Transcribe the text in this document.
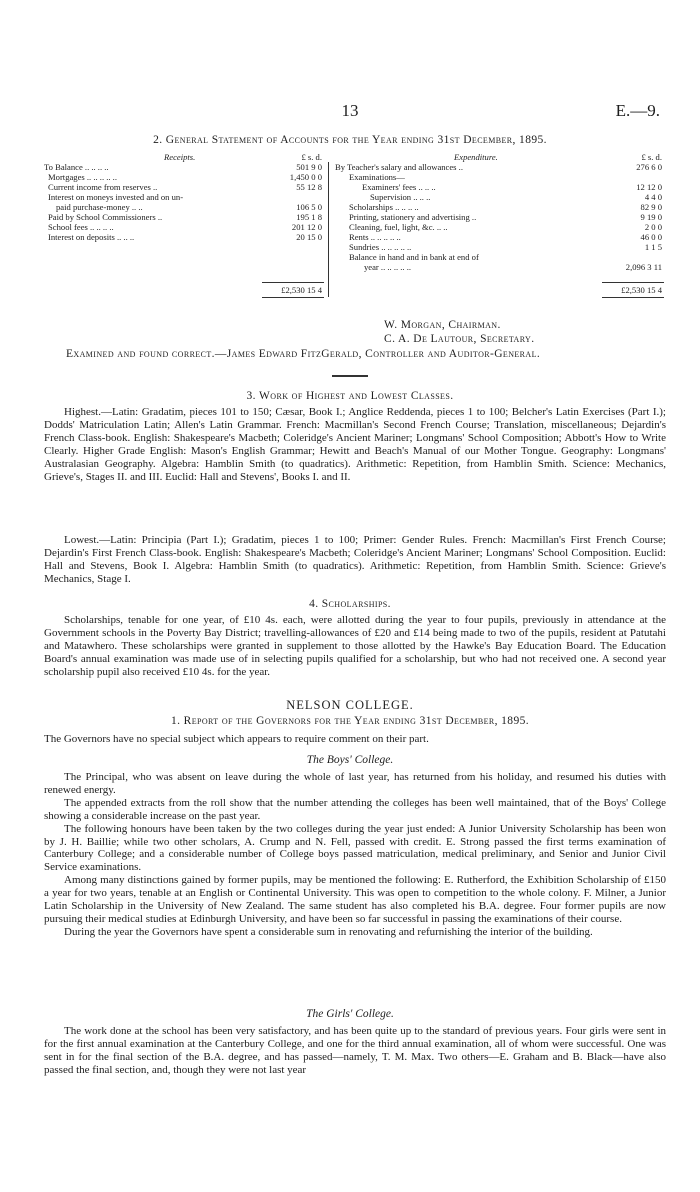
13	E.—9.
2. General Statement of Accounts for the Year ending 31st December, 1895.
Receipts.	Expenditure.
£ s. d.	£ s. d.
To Balance .. .. .. ..	501 9 0
Mortgages .. .. .. .. ..	1,450 0 0
Current income from reserves ..	55 12 8
Interest on moneys invested and on un-
paid purchase-money .. ..	106 5 0
Paid by School Commissioners ..	195 1 8
School fees .. .. .. ..	201 12 0
Interest on deposits .. .. ..	20 15 0
£2,530 15 4
By Teacher's salary and allowances ..	276 6 0
Examinations—
Examiners' fees .. .. ..	12 12 0
Supervision .. .. ..	4 4 0
Scholarships .. .. .. ..	82 9 0
Printing, stationery and advertising ..	9 19 0
Cleaning, fuel, light, &c. .. ..	2 0 0
Rents .. .. .. .. ..	46 0 0
Sundries .. .. .. .. ..	1 1 5
Balance in hand and in bank at end of
year .. .. .. .. ..	2,096 3 11
£2,530 15 4
W. Morgan, Chairman.
C. A. De Lautour, Secretary.
Examined and found correct.—James Edward FitzGerald, Controller and Auditor-General.
3. Work of Highest and Lowest Classes.

Highest.—Latin: Gradatim, pieces 101 to 150; Cæsar, Book I.; Anglice Reddenda, pieces 1 to 100; Belcher's Latin Exercises (Part I.); Dodds' Matriculation Latin; Allen's Latin Grammar. French: Macmillan's Second French Course; Translation, miscellaneous; Dejardin's French Class-book. English: Shakespeare's Macbeth; Coleridge's Ancient Mariner; Longmans' School Composition; Abbott's How to Write Clearly. Higher Grade English: Mason's English Grammar; Hewitt and Beach's Manual of our Mother Tongue. Geography: Longmans' Australasian Geography. Algebra: Hamblin Smith (to quadratics). Arithmetic: Repetition, from Hamblin Smith. Science: Mechanics, Grieve's, Stages II. and III. Euclid: Hall and Stevens', Books I. and II.

Lowest.—Latin: Principia (Part I.); Gradatim, pieces 1 to 100; Primer: Gender Rules. French: Macmillan's First French Course; Dejardin's First French Class-book. English: Shakespeare's Macbeth; Coleridge's Ancient Mariner; Longmans' School Composition. Euclid: Hall and Stevens, Book I. Algebra: Hamblin Smith (to quadratics). Arithmetic: Repetition, from Hamblin Smith. Science: Grieve's Mechanics, Stage I.

4. Scholarships.

Scholarships, tenable for one year, of £10 4s. each, were allotted during the year to four pupils, previously in attendance at the Government schools in the Poverty Bay District; travelling-allowances of £20 and £14 being made to two of the pupils, resident at Patutahi and Matawhero. These scholarships were granted in supplement to those allotted by the Hawke's Bay Education Board. The Education Board's annual examination was made use of in selecting pupils qualified for a scholarship, but who had not received one. A second year scholarship pupil also received £10 4s. for the year.

NELSON COLLEGE.
1. Report of the Governors for the Year ending 31st December, 1895.

The Governors have no special subject which appears to require comment on their part.

The Boys' College.

The Principal, who was absent on leave during the whole of last year, has returned from his holiday, and resumed his duties with renewed energy.

The appended extracts from the roll show that the number attending the colleges has been well maintained, that of the Boys' College showing a considerable increase on the past year.

The following honours have been taken by the two colleges during the year just ended: A Junior University Scholarship has been won by J. H. Baillie; while two other scholars, A. Crump and N. Fell, passed with credit. E. Strong passed the first terms examination of Canterbury College; and a considerable number of College boys passed matriculation, medical preliminary, and Senior and Junior Civil Service examinations.

Among many distinctions gained by former pupils, may be mentioned the following: E. Rutherford, the Exhibition Scholarship of £150 a year for two years, tenable at an English or Continental University. This was open to competition to the whole colony. F. Milner, a Junior Latin Scholarship in the University of New Zealand. The same student has also completed his B.A. degree. Four former pupils are now pursuing their medical studies at Edinburgh University, and have been so far successful in passing the examinations of their course.

During the year the Governors have spent a considerable sum in renovating and refurnishing the interior of the building.

The Girls' College.

The work done at the school has been very satisfactory, and has been quite up to the standard of previous years. Four girls were sent in for the first annual examination at the Canterbury College, and one for the third annual examination, all of whom were successful. One was sent in for the final section of the B.A. degree, and has passed—namely, T. M. Max. Two others—E. Graham and B. Black—have also passed the final section, and, though they were not last year
